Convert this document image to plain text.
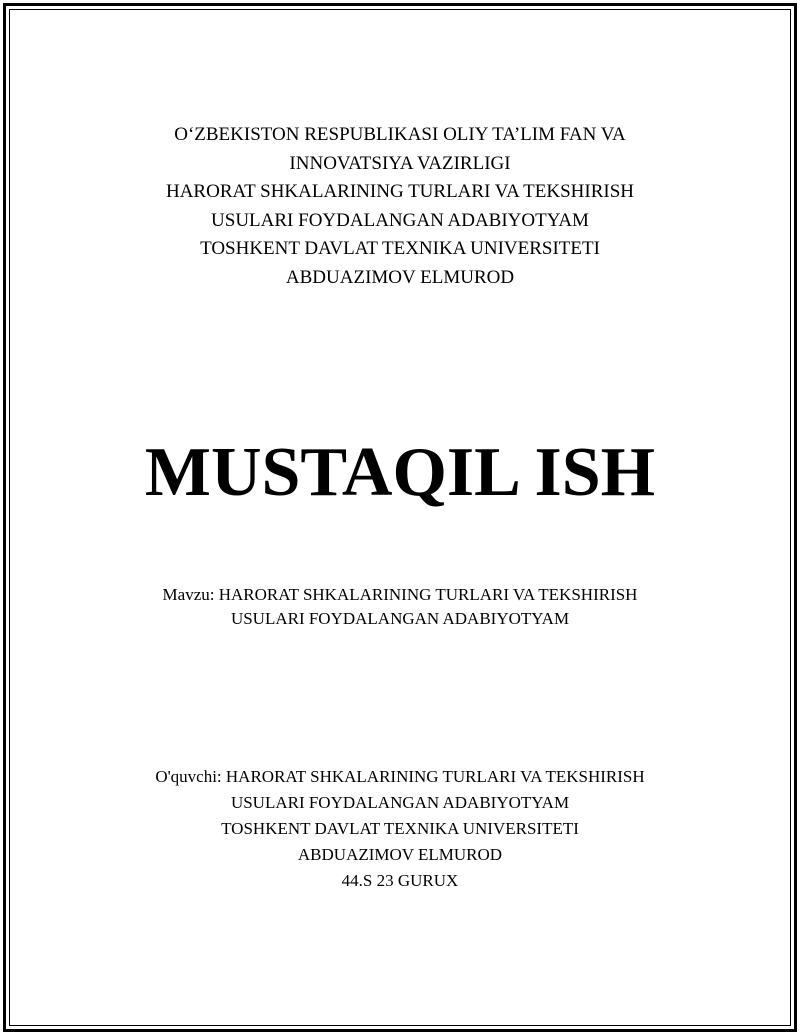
O‘ZBEKISTON RESPUBLIKASI OLIY TA’LIM FAN VA
INNOVATSIYA VAZIRLIGI
HARORAT SHKALARINING TURLARI VA TEKSHIRISH
USULARI FOYDALANGAN ADABIYOTYAM
TOSHKENT DAVLAT TEXNIKA UNIVERSITETI
ABDUAZIMOV ELMUROD
MUSTAQIL ISH
Mavzu: HARORAT SHKALARINING TURLARI VA TEKSHIRISH
USULARI FOYDALANGAN ADABIYOTYAM
O'quvchi: HARORAT SHKALARINING TURLARI VA TEKSHIRISH
USULARI FOYDALANGAN ADABIYOTYAM
TOSHKENT DAVLAT TEXNIKA UNIVERSITETI
ABDUAZIMOV ELMUROD
44.S 23 GURUX
